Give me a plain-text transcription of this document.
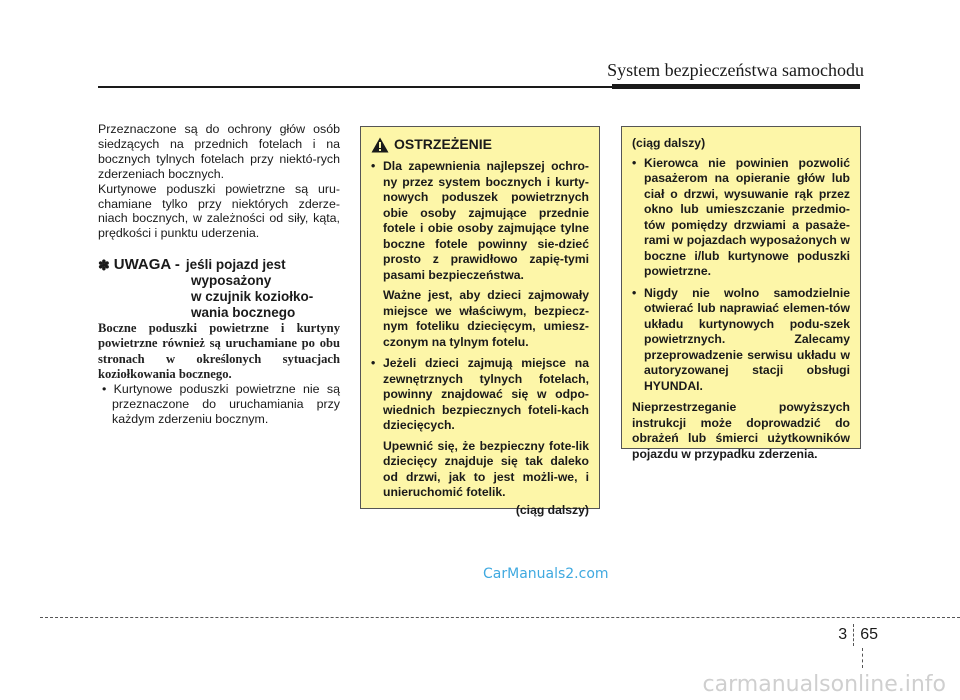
System bezpieczeństwa samochodu

Przeznaczone są do ochrony głów osób siedzących na przednich fotelach i na bocznych tylnych fotelach przy niektó-rych zderzeniach bocznych.

Kurtynowe poduszki powietrzne są uru-chamiane tylko przy niektórych zderze-niach bocznych, w zależności od siły, kąta, prędkości i punktu uderzenia.

✽ UWAGA - jeśli pojazd jest
wyposażony
w czujnik koziołko-
wania bocznego

Boczne poduszki powietrzne i kurtyny powietrzne również są uruchamiane po obu stronach w określonych sytuacjach koziołkowania bocznego.

• Kurtynowe poduszki powietrzne nie są przeznaczone do uruchamiania przy każdym zderzeniu bocznym.

OSTRZEŻENIE
• Dla zapewnienia najlepszej ochro-ny przez system bocznych i kurty-nowych poduszek powietrznych obie osoby zajmujące przednie fotele i obie osoby zajmujące tylne boczne fotele powinny sie-dzieć prosto z prawidłowo zapię-tymi pasami bezpieczeństwa.

Ważne jest, aby dzieci zajmowały miejsce we właściwym, bezpiecz-nym foteliku dziecięcym, umiesz-czonym na tylnym fotelu.

• Jeżeli dzieci zajmują miejsce na zewnętrznych tylnych fotelach, powinny znajdować się w odpo-wiednich bezpiecznych foteli-kach dziecięcych.

Upewnić się, że bezpieczny fote-lik dziecięcy znajduje się tak daleko od drzwi, jak to jest możli-we, i unieruchomić fotelik.

(ciąg dalszy)

(ciąg dalszy)

• Kierowca nie powinien pozwolić pasażerom na opieranie głów lub ciał o drzwi, wysuwanie rąk przez okno lub umieszczanie przedmio-tów pomiędzy drzwiami a pasaże-rami w pojazdach wyposażonych w boczne i/lub kurtynowe poduszki powietrzne.
• Nigdy nie wolno samodzielnie otwierać lub naprawiać elemen-tów układu kurtynowych podu-szek powietrznych. Zalecamy przeprowadzenie serwisu układu w autoryzowanej stacji obsługi HYUNDAI.

Nieprzestrzeganie powyższych instrukcji może doprowadzić do obrażeń lub śmierci użytkowników pojazdu w przypadku zderzenia.

CarManuals2.com
3 65
carmanualsonline.info
